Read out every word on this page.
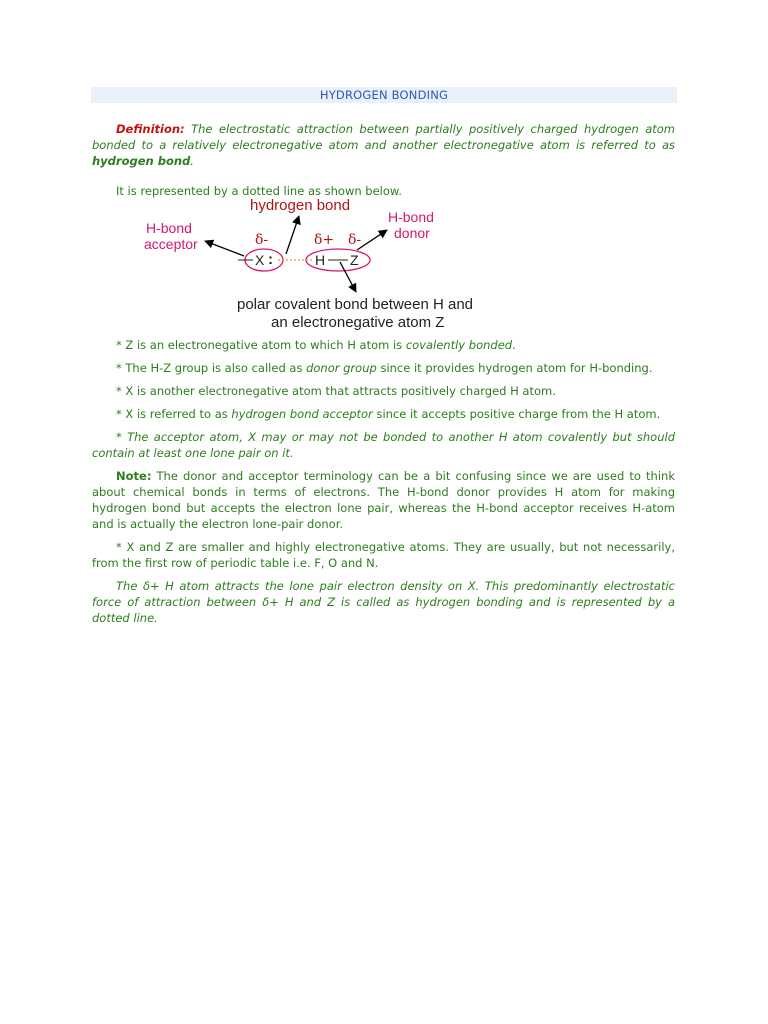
HYDROGEN BONDING

Definition: The electrostatic attraction between partially positively charged hydrogen atom bonded to a relatively electronegative atom and another electronegative atom is referred to as hydrogen bond.

It is represented by a dotted line as shown below.

hydrogen bond
H-bond
acceptor
H-bond
donor
δ-	δ+ δ-
X :	H Z
polar covalent bond between H and
an electronegative atom Z

* Z is an electronegative atom to which H atom is covalently bonded.

* The H-Z group is also called as donor group since it provides hydrogen atom for H-bonding.

* X is another electronegative atom that attracts positively charged H atom.

* X is referred to as hydrogen bond acceptor since it accepts positive charge from the H atom.

* The acceptor atom, X may or may not be bonded to another H atom covalently but should contain at least one lone pair on it.

Note: The donor and acceptor terminology can be a bit confusing since we are used to think about chemical bonds in terms of electrons. The H-bond donor provides H atom for making hydrogen bond but accepts the electron lone pair, whereas the H-bond acceptor receives H-atom and is actually the electron lone-pair donor.

* X and Z are smaller and highly electronegative atoms. They are usually, but not necessarily, from the first row of periodic table i.e. F, O and N.

The δ+ H atom attracts the lone pair electron density on X. This predominantly electrostatic force of attraction between δ+ H and Z is called as hydrogen bonding and is represented by a dotted line.
